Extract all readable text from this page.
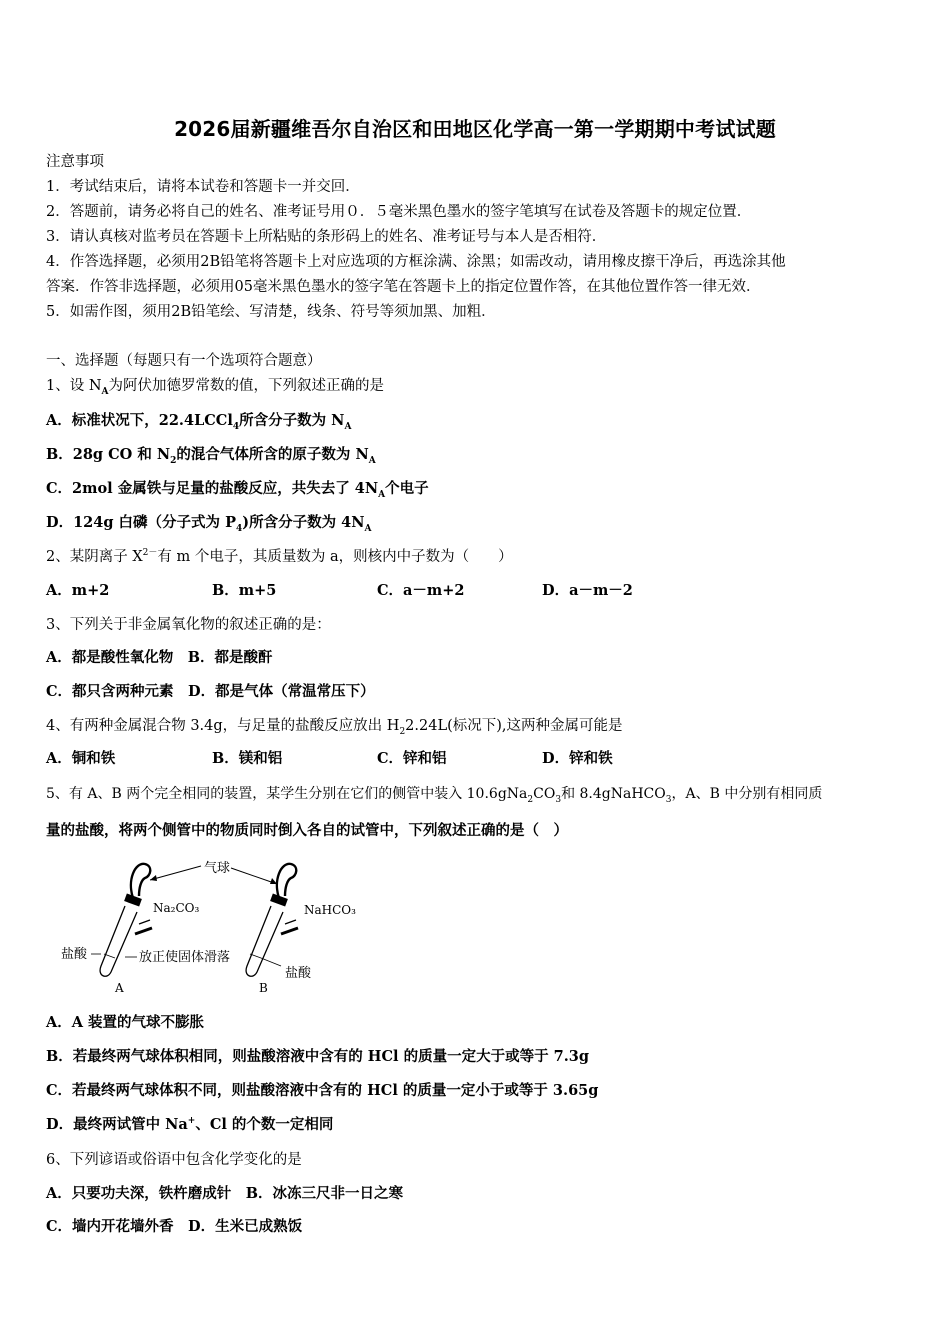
2026届新疆维吾尔自治区和田地区化学高一第一学期期中考试试题
注意事项
1．考试结束后，请将本试卷和答题卡一并交回．
2．答题前，请务必将自己的姓名、准考证号用０．５毫米黑色墨水的签字笔填写在试卷及答题卡的规定位置．
3．请认真核对监考员在答题卡上所粘贴的条形码上的姓名、准考证号与本人是否相符．
4．作答选择题，必须用2B铅笔将答题卡上对应选项的方框涂满、涂黑；如需改动，请用橡皮擦干净后，再选涂其他
答案．作答非选择题，必须用05毫米黑色墨水的签字笔在答题卡上的指定位置作答，在其他位置作答一律无效．
5．如需作图，须用2B铅笔绘、写清楚，线条、符号等须加黑、加粗．
一、选择题（每题只有一个选项符合题意）
1、设 $N_A$为阿伏加德罗常数的值，下列叙述正确的是
A．标准状况下，22.4LCCl$_4$所含分子数为 $N_A$
B．28g CO 和 $N_2$的混合气体所含的原子数为 $N_A$
C．2mol 金属铁与足量的盐酸反应，共失去了 $4N_A$个电子
D．124g 白磷（分子式为 $P_4$)所含分子数为 $4N_A$
2、某阴离子 $X^{2-}$有 m 个电子，其质量数为 a，则核内中子数为（　　）
A．m+2	B．m+5	C．a－m+2	D．a－m－2
3、下列关于非金属氧化物的叙述正确的是：
A．都是酸性氧化物　B．都是酸酐
C．都只含两种元素　D．都是气体（常温常压下）
4、有两种金属混合物 3.4g，与足量的盐酸反应放出 $H_22.24L$(标况下),这两种金属可能是
A．铜和铁	B．镁和铝	C．锌和铝	D．锌和铁
5、有 A、B 两个完全相同的装置，某学生分别在它们的侧管中装入 $10.6gNa_2CO_3$和 8.4gNaHCO$_3$，A、B 中分别有相同质
量的盐酸，将两个侧管中的物质同时倒入各自的试管中，下列叙述正确的是（　）
气球
Na₂CO₃
盐酸	放正使固体滑落
A
NaHCO₃
盐酸
B
A．A 装置的气球不膨胀
B．若最终两气球体积相同，则盐酸溶液中含有的 HCl 的质量一定大于或等于 7.3g
C．若最终两气球体积不同，则盐酸溶液中含有的 HCl 的质量一定小于或等于 3.65g
D．最终两试管中 Na+、Cl 的个数一定相同
6、下列谚语或俗语中包含化学变化的是
A．只要功夫深，铁杵磨成针　B．冰冻三尺非一日之寒
C．墙内开花墙外香　D．生米已成熟饭
